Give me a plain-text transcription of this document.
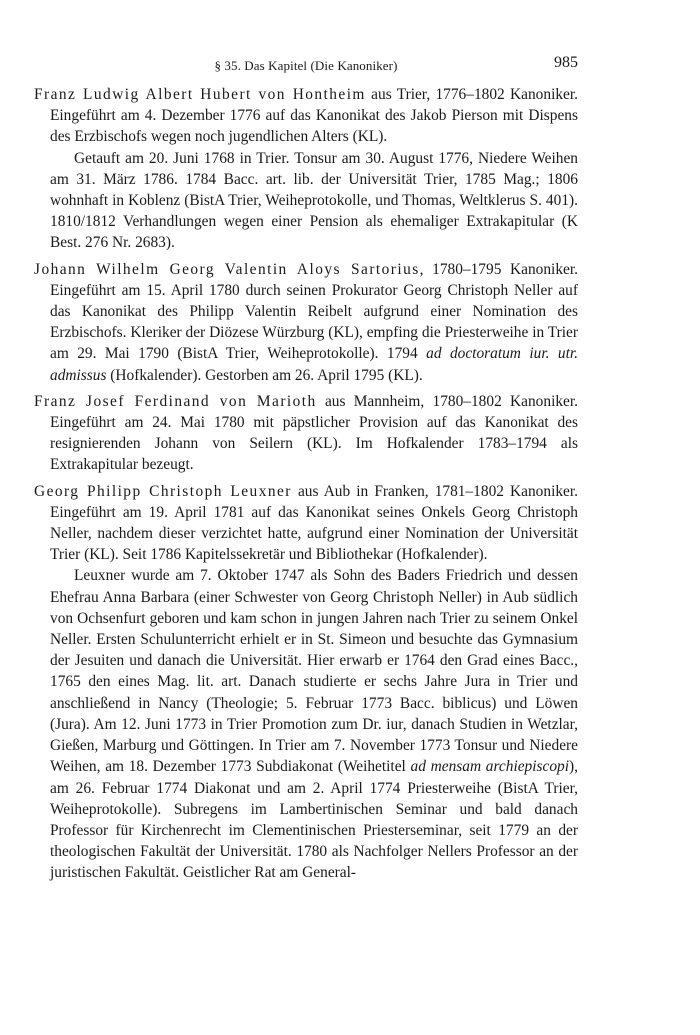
§ 35. Das Kapitel (Die Kanoniker)	985

Franz Ludwig Albert Hubert von Hontheim aus Trier, 1776–1802 Kanoniker. Eingeführt am 4. Dezember 1776 auf das Kanonikat des Jakob Pierson mit Dispens des Erzbischofs wegen noch jugendlichen Alters (KL).

Getauft am 20. Juni 1768 in Trier. Tonsur am 30. August 1776, Niedere Weihen am 31. März 1786. 1784 Bacc. art. lib. der Universität Trier, 1785 Mag.; 1806 wohnhaft in Koblenz (BistA Trier, Weiheprotokolle, und Thomas, Weltklerus S. 401). 1810/1812 Verhandlungen wegen einer Pension als ehemaliger Extrakapitular (K Best. 276 Nr. 2683).

Johann Wilhelm Georg Valentin Aloys Sartorius, 1780–1795 Kanoniker. Eingeführt am 15. April 1780 durch seinen Prokurator Georg Christoph Neller auf das Kanonikat des Philipp Valentin Reibelt aufgrund einer Nomination des Erzbischofs. Kleriker der Diözese Würzburg (KL), empfing die Priesterweihe in Trier am 29. Mai 1790 (BistA Trier, Weiheprotokolle). 1794 ad doctoratum iur. utr. admissus (Hofkalender). Gestorben am 26. April 1795 (KL).

Franz Josef Ferdinand von Marioth aus Mannheim, 1780–1802 Kanoniker. Eingeführt am 24. Mai 1780 mit päpstlicher Provision auf das Kanonikat des resignierenden Johann von Seilern (KL). Im Hofkalender 1783–1794 als Extrakapitular bezeugt.

Georg Philipp Christoph Leuxner aus Aub in Franken, 1781–1802 Kanoniker. Eingeführt am 19. April 1781 auf das Kanonikat seines Onkels Georg Christoph Neller, nachdem dieser verzichtet hatte, aufgrund einer Nomination der Universität Trier (KL). Seit 1786 Kapitelssekretär und Bibliothekar (Hofkalender).

Leuxner wurde am 7. Oktober 1747 als Sohn des Baders Friedrich und dessen Ehefrau Anna Barbara (einer Schwester von Georg Christoph Neller) in Aub südlich von Ochsenfurt geboren und kam schon in jungen Jahren nach Trier zu seinem Onkel Neller. Ersten Schulunterricht erhielt er in St. Simeon und besuchte das Gymnasium der Jesuiten und danach die Universität. Hier erwarb er 1764 den Grad eines Bacc., 1765 den eines Mag. lit. art. Danach studierte er sechs Jahre Jura in Trier und anschließend in Nancy (Theologie; 5. Februar 1773 Bacc. biblicus) und Löwen (Jura). Am 12. Juni 1773 in Trier Promotion zum Dr. iur, danach Studien in Wetzlar, Gießen, Marburg und Göttingen. In Trier am 7. November 1773 Tonsur und Niedere Weihen, am 18. Dezember 1773 Subdiakonat (Weihetitel ad mensam archiepiscopi), am 26. Februar 1774 Diakonat und am 2. April 1774 Priesterweihe (BistA Trier, Weiheprotokolle). Subregens im Lambertinischen Seminar und bald danach Professor für Kirchenrecht im Clementinischen Priesterseminar, seit 1779 an der theologischen Fakultät der Universität. 1780 als Nachfolger Nellers Professor an der juristischen Fakultät. Geistlicher Rat am General-
